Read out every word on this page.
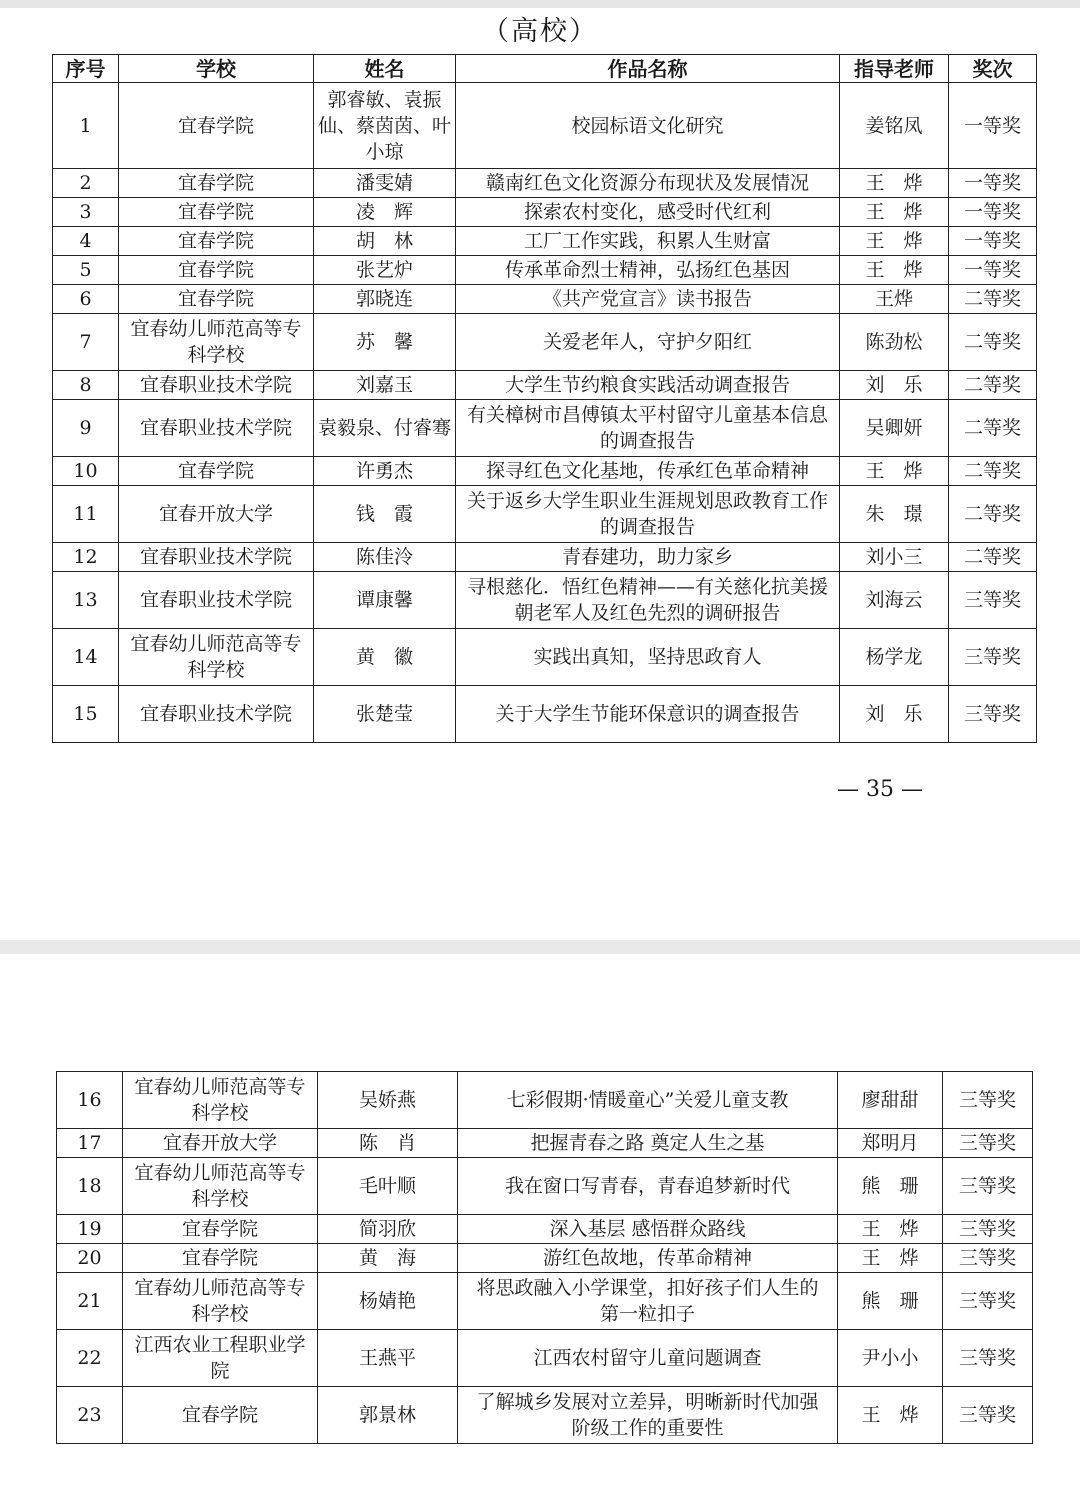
（高校）
序号	学校	姓名	作品名称	指导老师	奖次
1	宜春学院	郭睿敏、袁振仙、蔡茵茵、叶小琼	校园标语文化研究	姜铭凤	一等奖
2	宜春学院	潘雯婧	赣南红色文化资源分布现状及发展情况	王　烨	一等奖
3	宜春学院	凌　辉	探索农村变化，感受时代红利	王　烨	一等奖
4	宜春学院	胡　林	工厂工作实践，积累人生财富	王　烨	一等奖
5	宜春学院	张艺炉	传承革命烈士精神，弘扬红色基因	王　烨	一等奖
6	宜春学院	郭晓连	《共产党宣言》读书报告	王烨	二等奖
7	宜春幼儿师范高等专科学校	苏　馨	关爱老年人，守护夕阳红	陈劲松	二等奖
8	宜春职业技术学院	刘嘉玉	大学生节约粮食实践活动调查报告	刘　乐	二等奖
9	宜春职业技术学院	袁毅泉、付睿骞	有关樟树市昌傅镇太平村留守儿童基本信息的调查报告	吴卿妍	二等奖
10	宜春学院	许勇杰	探寻红色文化基地，传承红色革命精神	王　烨	二等奖
11	宜春开放大学	钱　霞	关于返乡大学生职业生涯规划思政教育工作的调查报告	朱　璟	二等奖
12	宜春职业技术学院	陈佳泠	青春建功，助力家乡	刘小三	二等奖
13	宜春职业技术学院	谭康馨	寻根慈化．悟红色精神——有关慈化抗美援朝老军人及红色先烈的调研报告	刘海云	三等奖
14	宜春幼儿师范高等专科学校	黄　徽	实践出真知，坚持思政育人	杨学龙	三等奖
15	宜春职业技术学院	张楚莹	关于大学生节能环保意识的调查报告	刘　乐	三等奖
— 35 —
16	宜春幼儿师范高等专科学校	吴娇燕	七彩假期·情暖童心”关爱儿童支教	廖甜甜	三等奖
17	宜春开放大学	陈　肖	把握青春之路 奠定人生之基	郑明月	三等奖
18	宜春幼儿师范高等专科学校	毛叶顺	我在窗口写青春，青春追梦新时代	熊　珊	三等奖
19	宜春学院	简羽欣	深入基层 感悟群众路线	王　烨	三等奖
20	宜春学院	黄　海	游红色故地，传革命精神	王　烨	三等奖
21	宜春幼儿师范高等专科学校	杨婧艳	将思政融入小学课堂，扣好孩子们人生的第一粒扣子	熊　珊	三等奖
22	江西农业工程职业学院	王燕平	江西农村留守儿童问题调查	尹小小	三等奖
23	宜春学院	郭景林	了解城乡发展对立差异，明晰新时代加强阶级工作的重要性	王　烨	三等奖
